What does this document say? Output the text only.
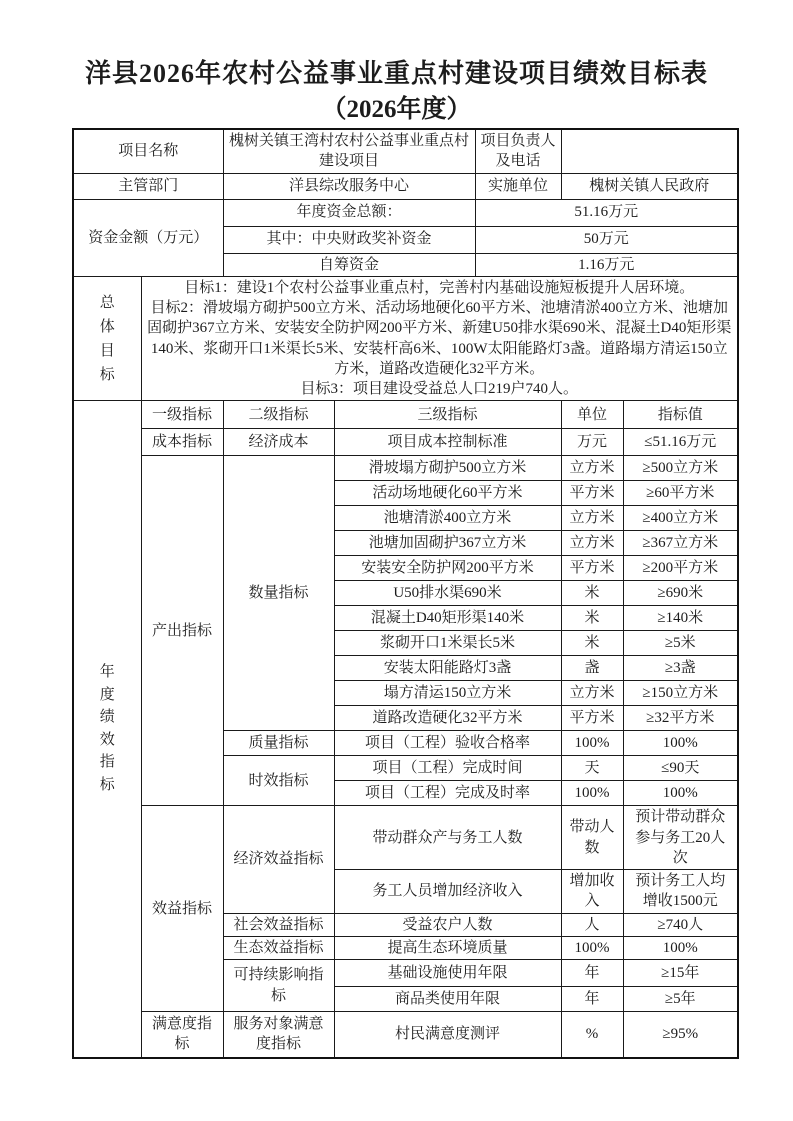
洋县2026年农村公益事业重点村建设项目绩效目标表
（2026年度）
项目名称		槐树关镇王湾村农村公益事业重点村建设项目		项目负责人及电话		
主管部门		洋县综改服务中心		实施单位	槐树关镇人民政府	
资金金额（万元）		年度资金总额：		51.16万元		
		其中：中央财政奖补资金		50万元		
		自筹资金		1.16万元		
总体目标	目标1：建设1个农村公益事业重点村，完善村内基础设施短板提升人居环境。
目标2：滑坡塌方砌护500立方米、活动场地硬化60平方米、池塘清淤400立方米、池塘加固砌护367立方米、安装安全防护网200平方米、新建U50排水渠690米、混凝土D40矩形渠140米、浆砌开口1米渠长5米、安装杆高6米、100W太阳能路灯3盏。道路塌方清运150立方米，道路改造硬化32平方米。
目标3：项目建设受益总人口219户740人。					

年度绩效指标	一级指标	二级指标	三级指标		单位	指标值
	成本指标	经济成本	项目成本控制标准		万元	≤51.16万元
	产出指标	数量指标	滑坡塌方砌护500立方米		立方米	≥500立方米
			活动场地硬化60平方米		平方米	≥60平方米
			池塘清淤400立方米		立方米	≥400立方米
			池塘加固砌护367立方米		立方米	≥367立方米
			安装安全防护网200平方米		平方米	≥200平方米
			U50排水渠690米		米	≥690米
			混凝土D40矩形渠140米		米	≥140米
			浆砌开口1米渠长5米		米	≥5米
			安装太阳能路灯3盏		盏	≥3盏
			塌方清运150立方米		立方米	≥150立方米
			道路改造硬化32平方米		平方米	≥32平方米
		质量指标	项目（工程）验收合格率		100%	100%
		时效指标	项目（工程）完成时间		天	≤90天
			项目（工程）完成及时率		100%	100%
	效益指标	经济效益指标	带动群众产与务工人数		带动人数	预计带动群众参与务工20人次
			务工人员增加经济收入		增加收入	预计务工人均增收1500元
		社会效益指标	受益农户人数		人	≥740人
		生态效益指标	提高生态环境质量		100%	100%
		可持续影响指标	基础设施使用年限		年	≥15年
			商品类使用年限		年	≥5年
	满意度指标	服务对象满意度指标	村民满意度测评		%	≥95%
